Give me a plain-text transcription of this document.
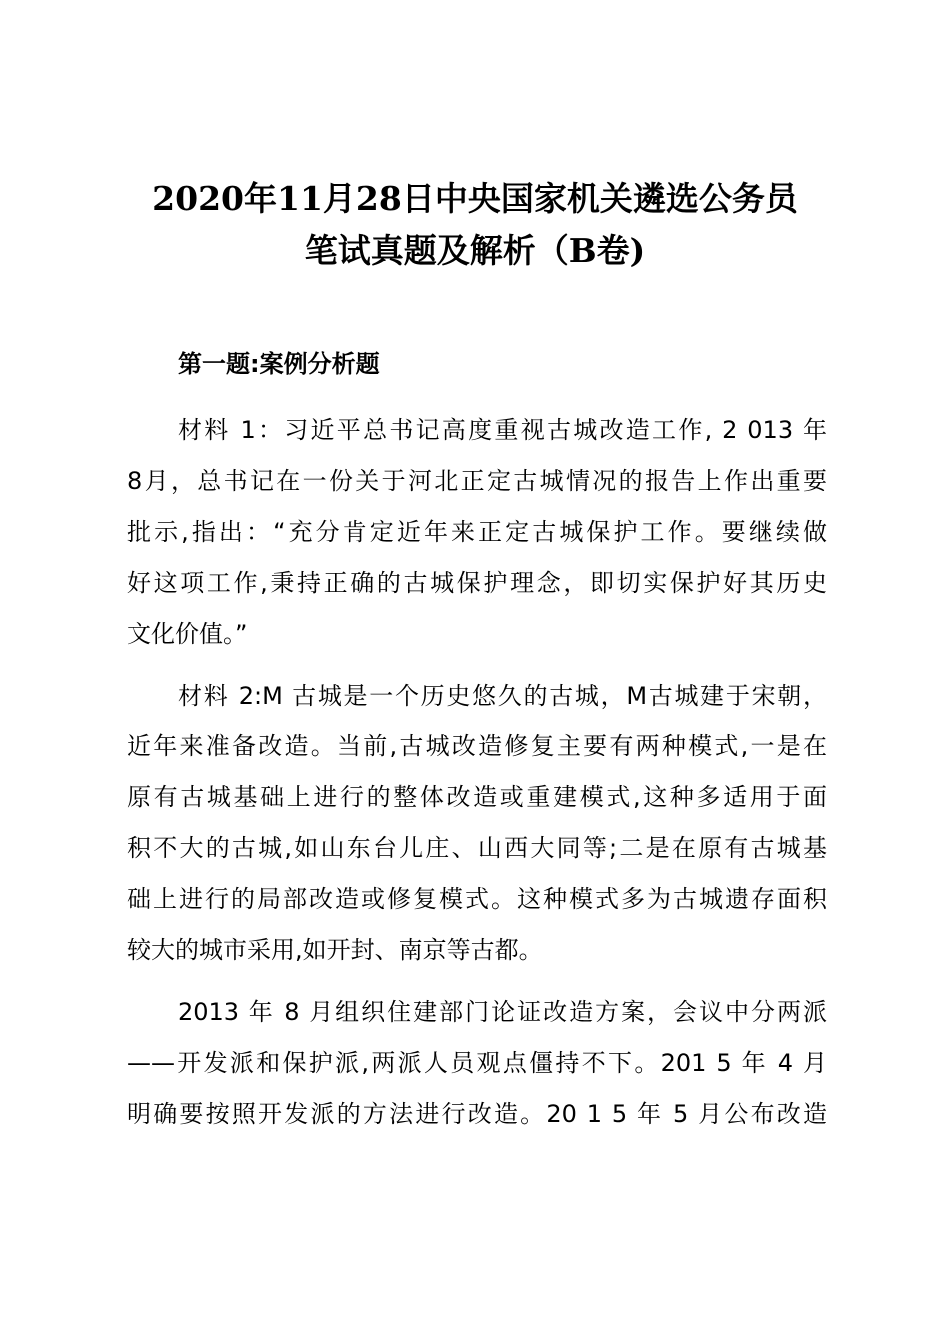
2020年11月28日中央国家机关遴选公务员
笔试真题及解析（B卷)
第一题:案例分析题
材料 1：习近平总书记高度重视古城改造工作, 2 013 年
8月，总书记在一份关于河北正定古城情况的报告上作出重要
批示,指出：“充分肯定近年来正定古城保护工作。要继续做
好这项工作,秉持正确的古城保护理念，即切实保护好其历史
文化价值。”
材料 2:M 古城是一个历史悠久的古城，M古城建于宋朝，
近年来准备改造。当前,古城改造修复主要有两种模式,一是在
原有古城基础上进行的整体改造或重建模式,这种多适用于面
积不大的古城,如山东台儿庄、山西大同等;二是在原有古城基
础上进行的局部改造或修复模式。这种模式多为古城遗存面积
较大的城市采用,如开封、南京等古都。
2013 年 8 月组织住建部门论证改造方案，会议中分两派
——开发派和保护派,两派人员观点僵持不下。201 5 年 4 月
明确要按照开发派的方法进行改造。20 1 5 年 5 月公布改造
